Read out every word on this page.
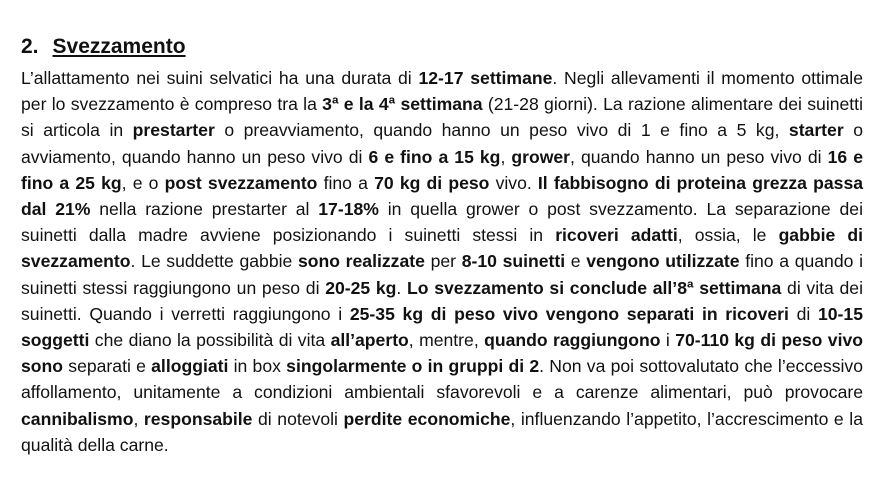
2. Svezzamento

L’allattamento nei suini selvatici ha una durata di 12-17 settimane. Negli allevamenti il momento ottimale per lo svezzamento è compreso tra la 3ª e la 4ª settimana (21-28 giorni). La razione alimentare dei suinetti si articola in prestarter o preavviamento, quando hanno un peso vivo di 1 e fino a 5 kg, starter o avviamento, quando hanno un peso vivo di 6 e fino a 15 kg, grower, quando hanno un peso vivo di 16 e fino a 25 kg, e o post svezzamento fino a 70 kg di peso vivo. Il fabbisogno di proteina grezza passa dal 21% nella razione prestarter al 17-18% in quella grower o post svezzamento. La separazione dei suinetti dalla madre avviene posizionando i suinetti stessi in ricoveri adatti, ossia, le gabbie di svezzamento. Le suddette gabbie sono realizzate per 8-10 suinetti e vengono utilizzate fino a quando i suinetti stessi raggiungono un peso di 20-25 kg. Lo svezzamento si conclude all’8ª settimana di vita dei suinetti. Quando i verretti raggiungono i 25-35 kg di peso vivo vengono separati in ricoveri di 10-15 soggetti che diano la possibilità di vita all’aperto, mentre, quando raggiungono i 70-110 kg di peso vivo sono separati e alloggiati in box singolarmente o in gruppi di 2. Non va poi sottovalutato che l’eccessivo affollamento, unitamente a condizioni ambientali sfavorevoli e a carenze alimentari, può provocare cannibalismo, responsabile di notevoli perdite economiche, influenzando l’appetito, l’accrescimento e la qualità della carne.
